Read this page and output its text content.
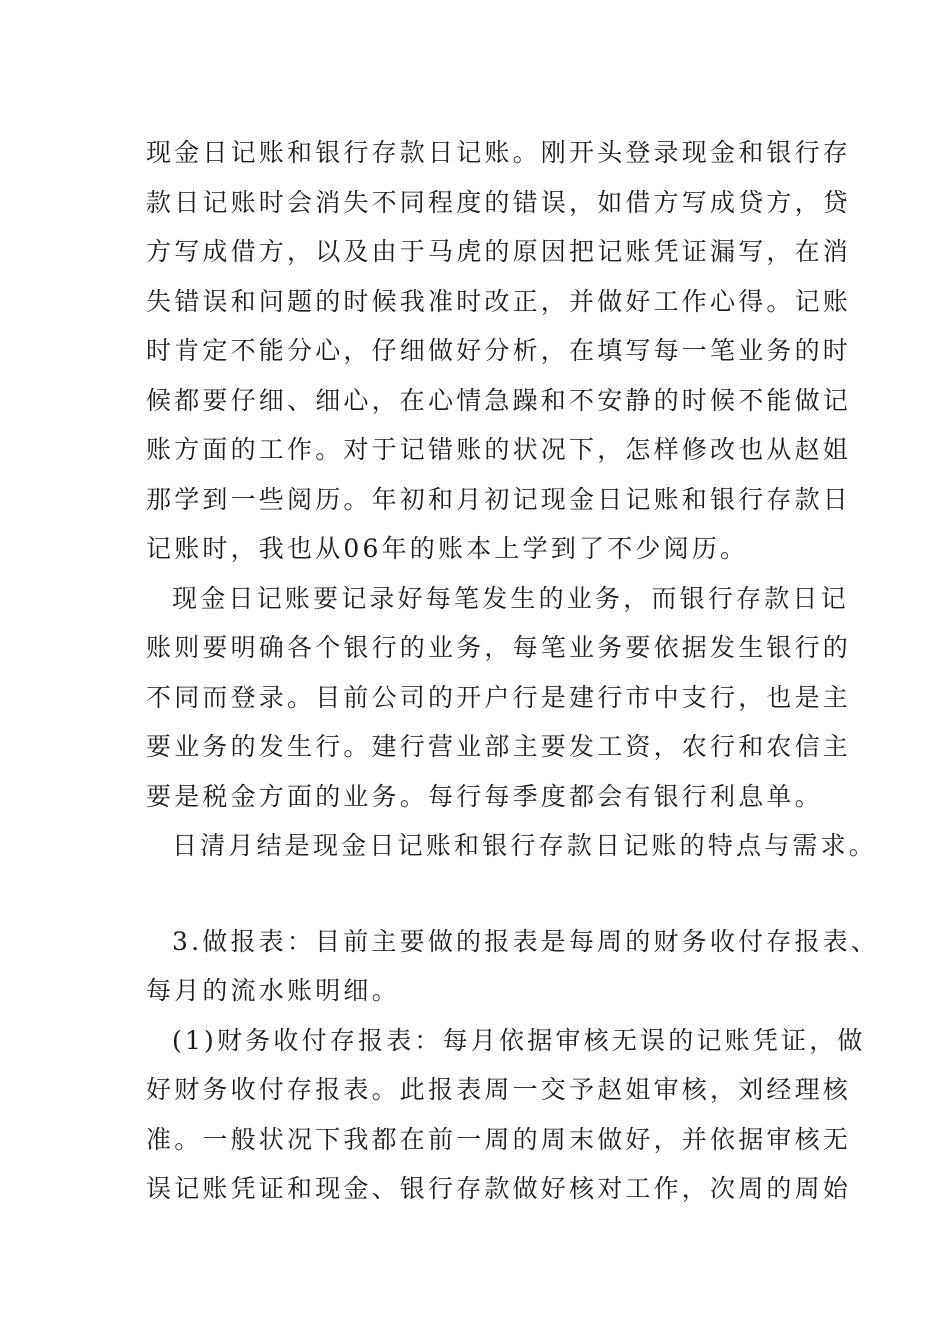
现金日记账和银行存款日记账。刚开头登录现金和银行存
款日记账时会消失不同程度的错误，如借方写成贷方，贷
方写成借方，以及由于马虎的原因把记账凭证漏写，在消
失错误和问题的时候我准时改正，并做好工作心得。记账
时肯定不能分心，仔细做好分析，在填写每一笔业务的时
候都要仔细、细心，在心情急躁和不安静的时候不能做记
账方面的工作。对于记错账的状况下，怎样修改也从赵姐
那学到一些阅历。年初和月初记现金日记账和银行存款日
记账时，我也从06年的账本上学到了不少阅历。
现金日记账要记录好每笔发生的业务，而银行存款日记
账则要明确各个银行的业务，每笔业务要依据发生银行的
不同而登录。目前公司的开户行是建行市中支行，也是主
要业务的发生行。建行营业部主要发工资，农行和农信主
要是税金方面的业务。每行每季度都会有银行利息单。
日清月结是现金日记账和银行存款日记账的特点与需求。
3.做报表：目前主要做的报表是每周的财务收付存报表、
每月的流水账明细。
(1)财务收付存报表：每月依据审核无误的记账凭证，做
好财务收付存报表。此报表周一交予赵姐审核，刘经理核
准。一般状况下我都在前一周的周末做好，并依据审核无
误记账凭证和现金、银行存款做好核对工作，次周的周始
